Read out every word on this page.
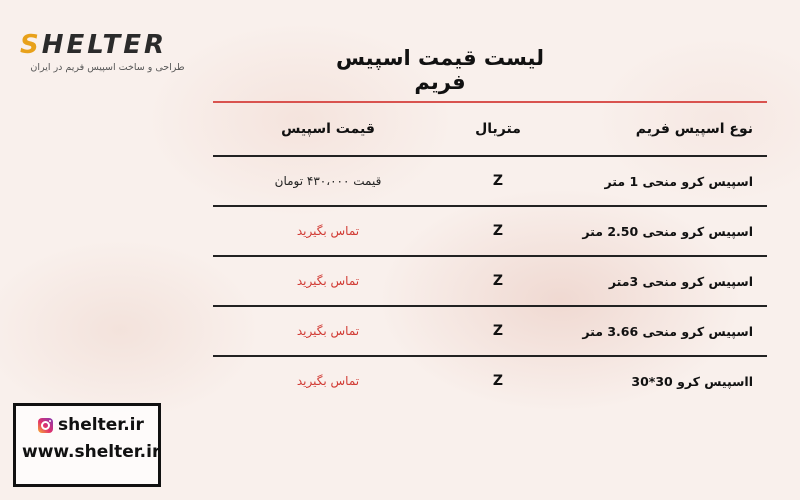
SHELTER
طراحی و ساخت اسپیس فریم در ایران	لیست قیمت اسپیس فریم
نوع اسپیس فریم
متریال
قیمت اسپیس
اسپیس کرو منحی 1 متر
Z
قیمت ۴۳۰،۰۰۰ تومان
اسپیس کرو منحی 2.50 متر
Z
تماس بگیرید
اسپیس کرو منحی 3متر
Z
تماس بگیرید
اسپیس کرو منحی 3.66 متر
Z
تماس بگیرید
ااسپیس کرو 30*30
Z
تماس بگیرید
shelter.ir
www.shelter.ir
